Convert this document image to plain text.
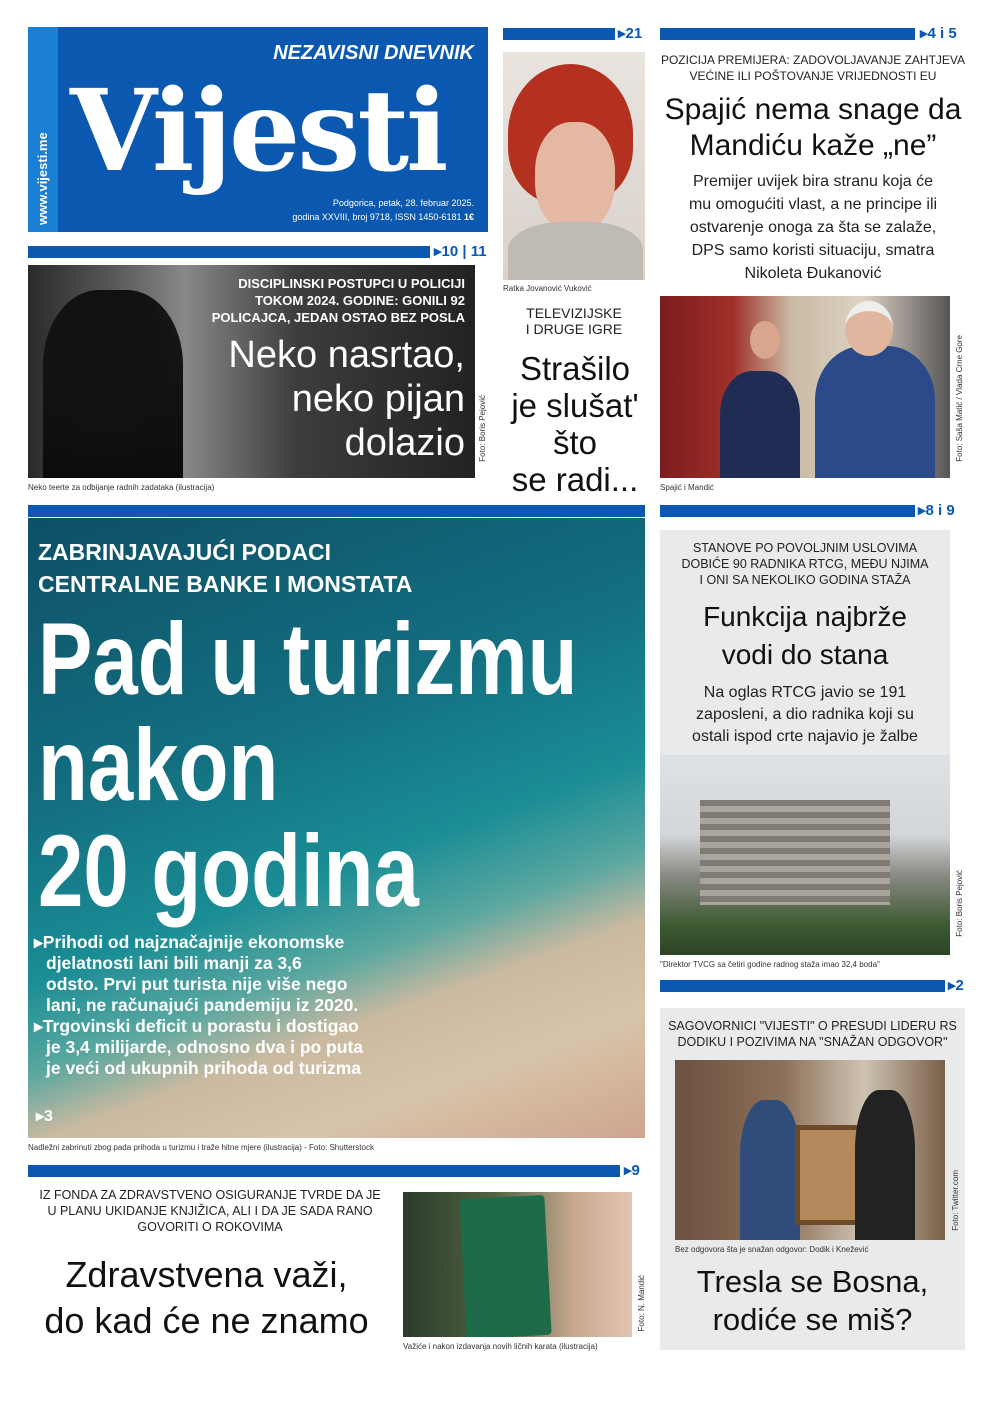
www.vijesti.me
NEZAVISNI DNEVNIK
Vijesti
Podgorica, petak, 28. februar 2025.
godina XXVIII, broj 9718, ISSN 1450-6181 1€
▸10 | 11
DISCIPLINSKI POSTUPCI U POLICIJI
TOKOM 2024. GODINE: GONILI 92
POLICAJCA, JEDAN OSTAO BEZ POSLA
Neko nasrtao,
neko pijan
dolazio Foto: Boris Pejović
Neko teerte za odbijanje radnih zadataka (ilustracija)
▸21
Ratka Jovanović Vuković
TELEVIZIJSKE
I DRUGE IGRE
Strašilo
je slušat'
što
se radi...
▸4 i 5
POZICIJA PREMIJERA: ZADOVOLJAVANJE ZAHTJEVA
VEĆINE ILI POŠTOVANJE VRIJEDNOSTI EU
Spajić nema snage da
Mandiću kaže „ne”
Premijer uvijek bira stranu koja će
mu omogućiti vlast, a ne principe ili
ostvarenje onoga za šta se zalaže,
DPS samo koristi situaciju, smatra
Nikoleta Đukanović
Foto: Saša Matić / Vlada Crne Gore
Spajić i Mandić
ZABRINJAVAJUĆI PODACI
CENTRALNE BANKE I MONSTATA
Pad u turizmu
nakon
20 godina
▸Prihodi od najznačajnije ekonomske
djelatnosti lani bili manji za 3,6
odsto. Prvi put turista nije više nego
lani, ne računajući pandemiju iz 2020.
▸Trgovinski deficit u porastu i dostigao
je 3,4 milijarde, odnosno dva i po puta
je veći od ukupnih prihoda od turizma
▸3
Nadležni zabrinuti zbog pada prihoda u turizmu i traže hitne mjere (ilustracija) - Foto: Shutterstock
▸8 i 9
STANOVE PO POVOLJNIM USLOVIMA
DOBIĆE 90 RADNIKA RTCG, MEĐU NJIMA
I ONI SA NEKOLIKO GODINA STAŽA
Funkcija najbrže
vodi do stana
Na oglas RTCG javio se 191
zaposleni, a dio radnika koji su
ostali ispod crte najavio je žalbe
Foto: Boris Pejović
"Direktor TVCG sa četiri godine radnog staža imao 32,4 boda"
▸2
SAGOVORNICI "VIJESTI" O PRESUDI LIDERU RS
DODIKU I POZIVIMA NA "SNAŽAN ODGOVOR"
Bez odgovora šta je snažan odgovor: Dodik i Knežević
Tresla se Bosna,
rodiće se miš?
Foto: Twitter.com
▸9
IZ FONDA ZA ZDRAVSTVENO OSIGURANJE TVRDE DA JE
U PLANU UKIDANJE KNJIŽICA, ALI I DA JE SADA RANO
GOVORITI O ROKOVIMA
Zdravstvena važi,
do kad će ne znamo	Foto: N. Mandić
Važiće i nakon izdavanja novih ličnih karata (ilustracija)
